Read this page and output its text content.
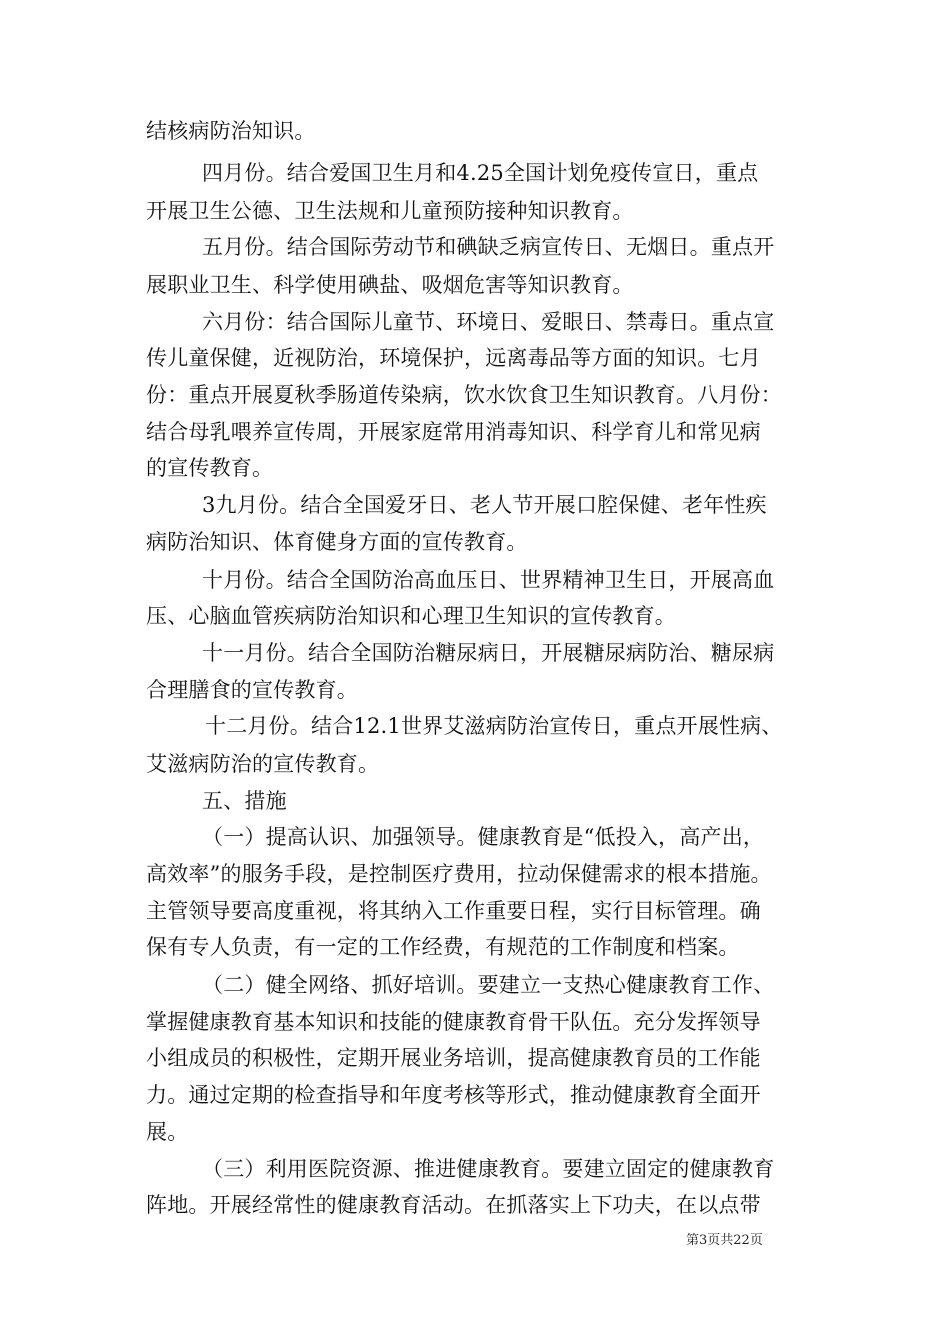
结核病防治知识。
四月份。结合爱国卫生月和4.25全国计划免疫传宣日，重点
开展卫生公德、卫生法规和儿童预防接种知识教育。
五月份。结合国际劳动节和碘缺乏病宣传日、无烟日。重点开
展职业卫生、科学使用碘盐、吸烟危害等知识教育。
六月份：结合国际儿童节、环境日、爱眼日、禁毒日。重点宣
传儿童保健，近视防治，环境保护，远离毒品等方面的知识。七月
份：重点开展夏秋季肠道传染病，饮水饮食卫生知识教育。八月份：
结合母乳喂养宣传周，开展家庭常用消毒知识、科学育儿和常见病
的宣传教育。
3九月份。结合全国爱牙日、老人节开展口腔保健、老年性疾
病防治知识、体育健身方面的宣传教育。
十月份。结合全国防治高血压日、世界精神卫生日，开展高血
压、心脑血管疾病防治知识和心理卫生知识的宣传教育。
十一月份。结合全国防治糖尿病日，开展糖尿病防治、糖尿病
合理膳食的宣传教育。
十二月份。结合12.1世界艾滋病防治宣传日，重点开展性病、
艾滋病防治的宣传教育。
五、措施
（一）提高认识、加强领导。健康教育是“低投入，高产出，
高效率”的服务手段，是控制医疗费用，拉动保健需求的根本措施。
主管领导要高度重视，将其纳入工作重要日程，实行目标管理。确
保有专人负责，有一定的工作经费，有规范的工作制度和档案。
（二）健全网络、抓好培训。要建立一支热心健康教育工作、
掌握健康教育基本知识和技能的健康教育骨干队伍。充分发挥领导
小组成员的积极性，定期开展业务培训，提高健康教育员的工作能
力。通过定期的检查指导和年度考核等形式，推动健康教育全面开
展。
（三）利用医院资源、推进健康教育。要建立固定的健康教育
阵地。开展经常性的健康教育活动。在抓落实上下功夫，在以点带
第3页共22页
